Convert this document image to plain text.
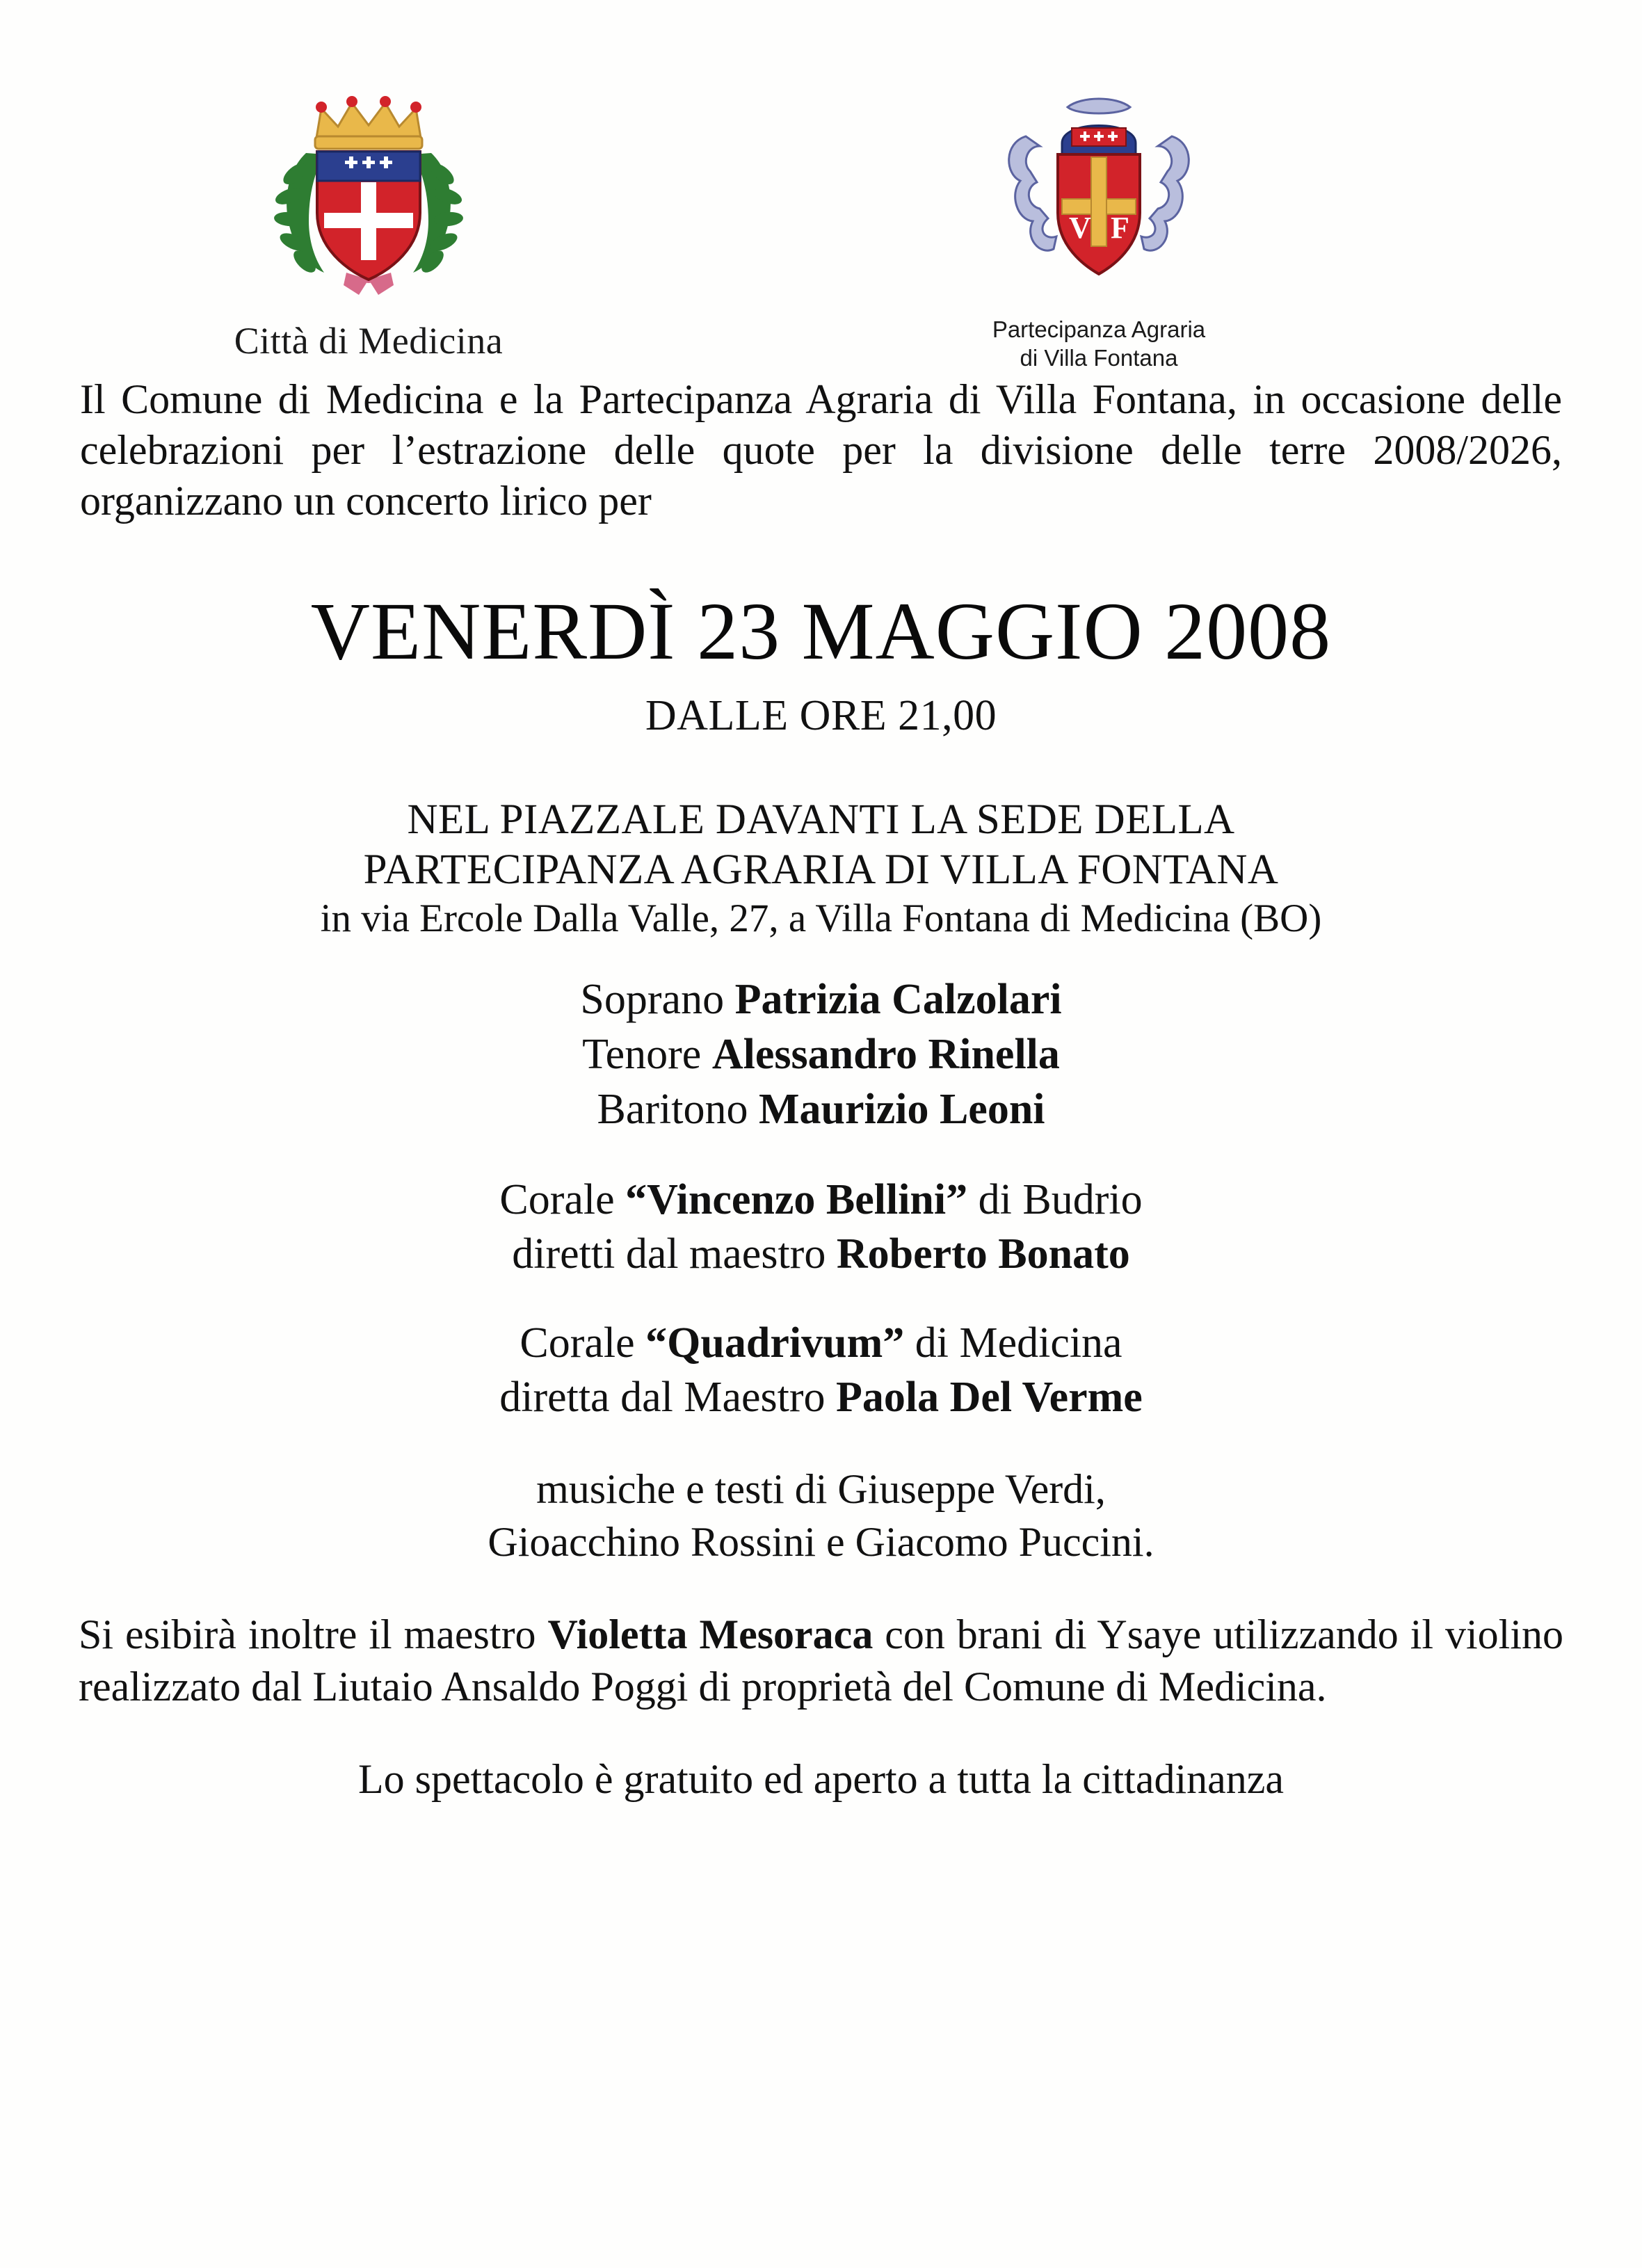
Città di Medicina
V F
Partecipanza Agraria
di Villa Fontana

Il Comune di Medicina e la Partecipanza Agraria di Villa Fontana, in occasione delle celebrazioni per l’estrazione delle quote per la divisione delle terre 2008/2026, organizzano un concerto lirico per

VENERDÌ 23 MAGGIO 2008
DALLE ORE 21,00
NEL PIAZZALE DAVANTI LA SEDE DELLA
PARTECIPANZA AGRARIA DI VILLA FONTANA
in via Ercole Dalla Valle, 27, a Villa Fontana di Medicina (BO)
Soprano Patrizia Calzolari
Tenore Alessandro Rinella
Baritono Maurizio Leoni
Corale “Vincenzo Bellini” di Budrio
diretti dal maestro Roberto Bonato
Corale “Quadrivum” di Medicina
diretta dal Maestro Paola Del Verme
musiche e testi di Giuseppe Verdi,
Gioacchino Rossini e Giacomo Puccini.

Si esibirà inoltre il maestro Violetta Mesoraca con brani di Ysaye utilizzando il violino realizzato dal Liutaio Ansaldo Poggi di proprietà del Comune di Medicina.

Lo spettacolo è gratuito ed aperto a tutta la cittadinanza
